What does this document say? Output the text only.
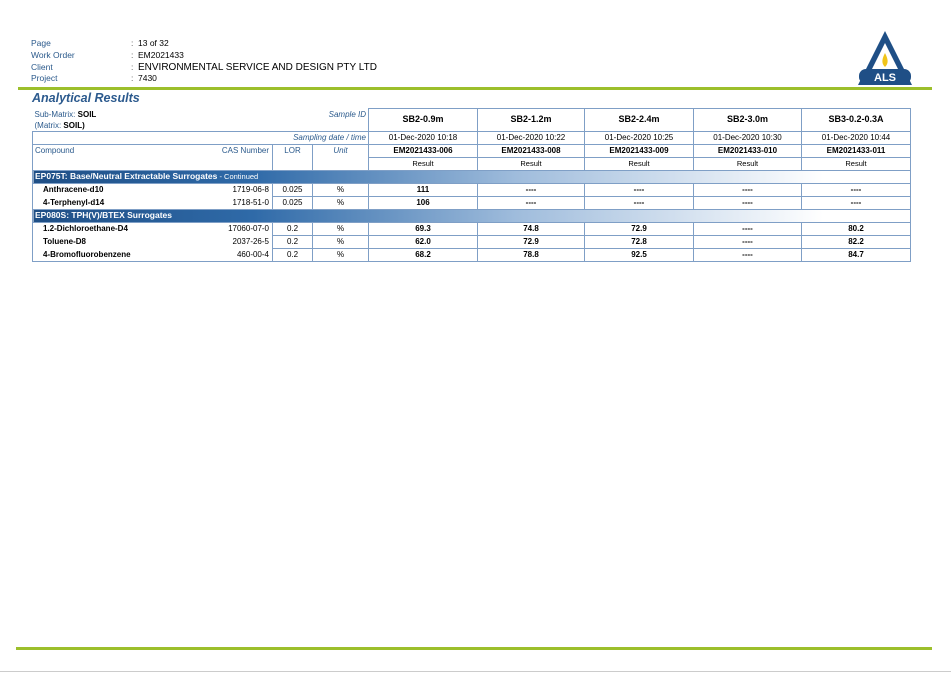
Page	: 13 of 32
Work Order	: EM2021433
Client	: ENVIRONMENTAL SERVICE AND DESIGN PTY LTD
Project	: 7430	ALS
Analytical Results
Sub-Matrix: SOIL
(Matrix: SOIL)		Sample ID	SB2-0.9m	SB2-1.2m	SB2-2.4m	SB2-3.0m	SB3-0.2-0.3A
Sampling date / time			01-Dec-2020 10:18	01-Dec-2020 10:22	01-Dec-2020 10:25	01-Dec-2020 10:30	01-Dec-2020 10:44
Compound CAS Number	LOR	Unit	EM2021433-006	EM2021433-008	EM2021433-009	EM2021433-010	EM2021433-011
			Result	Result	Result	Result	Result
EP075T: Base/Neutral Extractable Surrogates - Continued							
Anthracene-d10 1719-06-8	0.025	%	111	----	----	----	----
4-Terphenyl-d14 1718-51-0	0.025	%	106	----	----	----	----
EP080S: TPH(V)/BTEX Surrogates							
1.2-Dichloroethane-D4 17060-07-0	0.2	%	69.3	74.8	72.9	----	80.2
Toluene-D8 2037-26-5	0.2	%	62.0	72.9	72.8	----	82.2
4-Bromofluorobenzene 460-00-4	0.2	%	68.2	78.8	92.5	----	84.7
